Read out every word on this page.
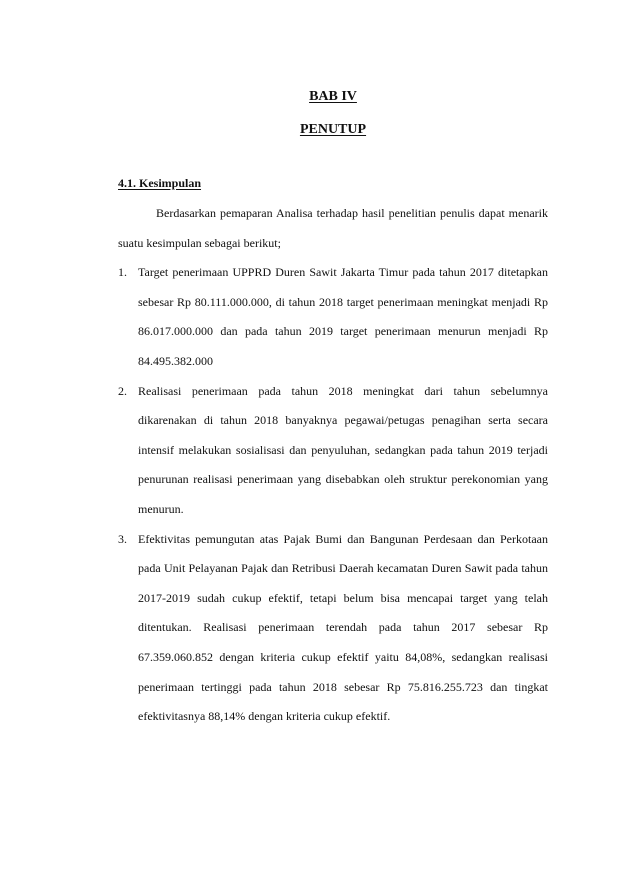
BAB IV
PENUTUP
4.1. Kesimpulan

Berdasarkan pemaparan Analisa terhadap hasil penelitian penulis dapat menarik suatu kesimpulan sebagai berikut;

1. Target penerimaan UPPRD Duren Sawit Jakarta Timur pada tahun 2017 ditetapkan sebesar Rp 80.111.000.000, di tahun 2018 target penerimaan meningkat menjadi Rp 86.017.000.000 dan pada tahun 2019 target penerimaan menurun menjadi Rp 84.495.382.000
2. Realisasi penerimaan pada tahun 2018 meningkat dari tahun sebelumnya dikarenakan di tahun 2018 banyaknya pegawai/petugas penagihan serta secara intensif melakukan sosialisasi dan penyuluhan, sedangkan pada tahun 2019 terjadi penurunan realisasi penerimaan yang disebabkan oleh struktur perekonomian yang menurun.
3. Efektivitas pemungutan atas Pajak Bumi dan Bangunan Perdesaan dan Perkotaan pada Unit Pelayanan Pajak dan Retribusi Daerah kecamatan Duren Sawit pada tahun 2017-2019 sudah cukup efektif, tetapi belum bisa mencapai target yang telah ditentukan. Realisasi penerimaan terendah pada tahun 2017 sebesar Rp 67.359.060.852 dengan kriteria cukup efektif yaitu 84,08%, sedangkan realisasi penerimaan tertinggi pada tahun 2018 sebesar Rp 75.816.255.723 dan tingkat efektivitasnya 88,14% dengan kriteria cukup efektif.
